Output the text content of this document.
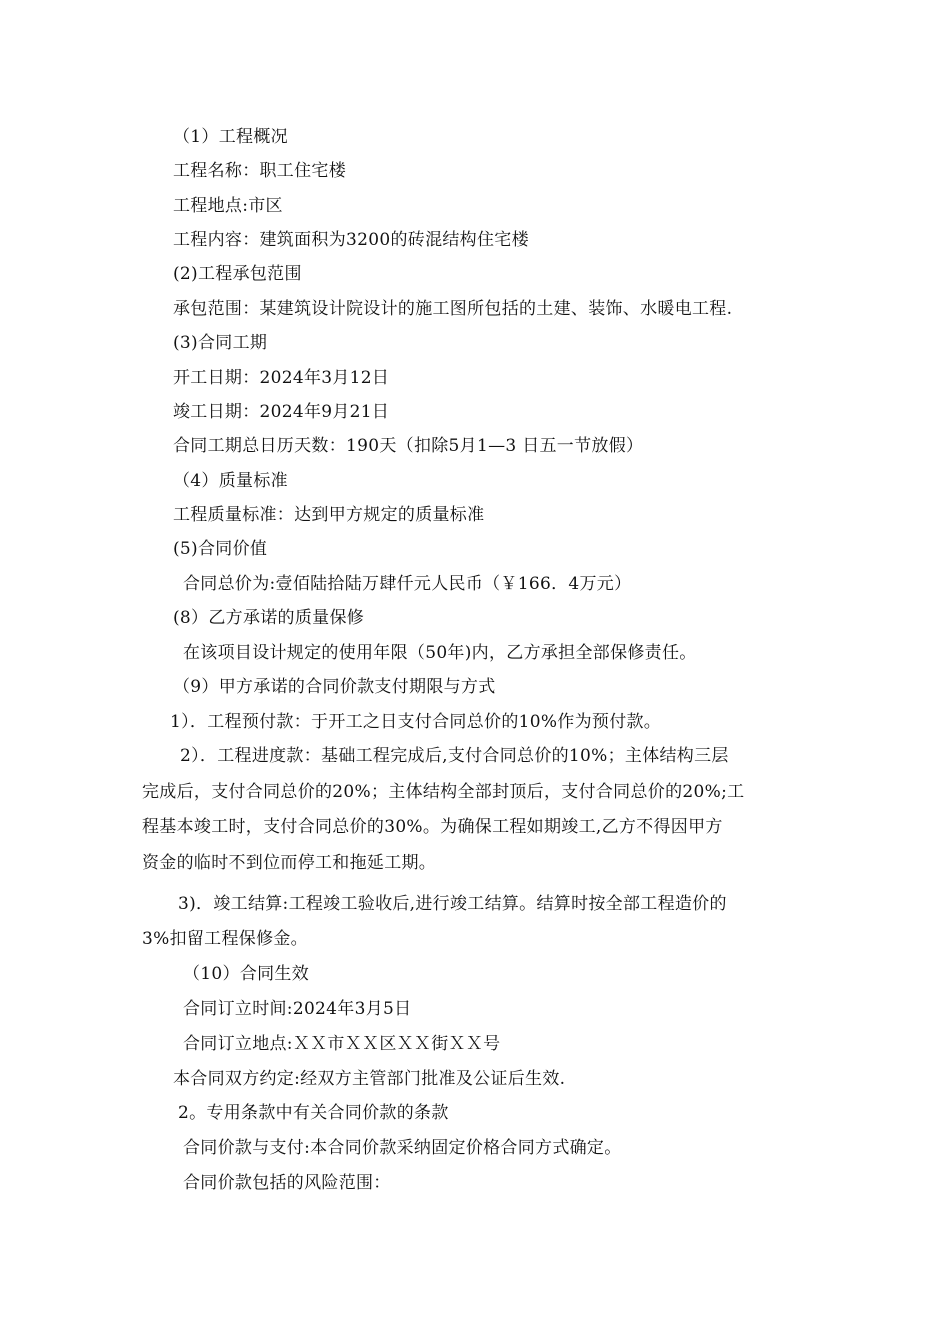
（1）工程概况
工程名称：职工住宅楼
工程地点:市区
工程内容：建筑面积为3200的砖混结构住宅楼
(2)工程承包范围
承包范围：某建筑设计院设计的施工图所包括的土建、装饰、水暖电工程.
(3)合同工期
开工日期：2024年3月12日
竣工日期：2024年9月21日
合同工期总日历天数：190天（扣除5月1—3 日五一节放假）
（4）质量标准
工程质量标准：达到甲方规定的质量标准
(5)合同价值
合同总价为:壹佰陆拾陆万肆仟元人民币（￥166．4万元）
(8）乙方承诺的质量保修
在该项目设计规定的使用年限（50年)内，乙方承担全部保修责任。
（9）甲方承诺的合同价款支付期限与方式
1）．工程预付款：于开工之日支付合同总价的10%作为预付款。
2）．工程进度款：基础工程完成后,支付合同总价的10%；主体结构三层
完成后，支付合同总价的20%；主体结构全部封顶后，支付合同总价的20%;工
程基本竣工时，支付合同总价的30%。为确保工程如期竣工,乙方不得因甲方
资金的临时不到位而停工和拖延工期。
3)．竣工结算:工程竣工验收后,进行竣工结算。结算时按全部工程造价的
3%扣留工程保修金。
（10）合同生效
合同订立时间:2024年3月5日
合同订立地点:ＸＸ市ＸＸ区ＸＸ街ＸＸ号
本合同双方约定:经双方主管部门批准及公证后生效.
2。专用条款中有关合同价款的条款
合同价款与支付:本合同价款采纳固定价格合同方式确定。
合同价款包括的风险范围：
